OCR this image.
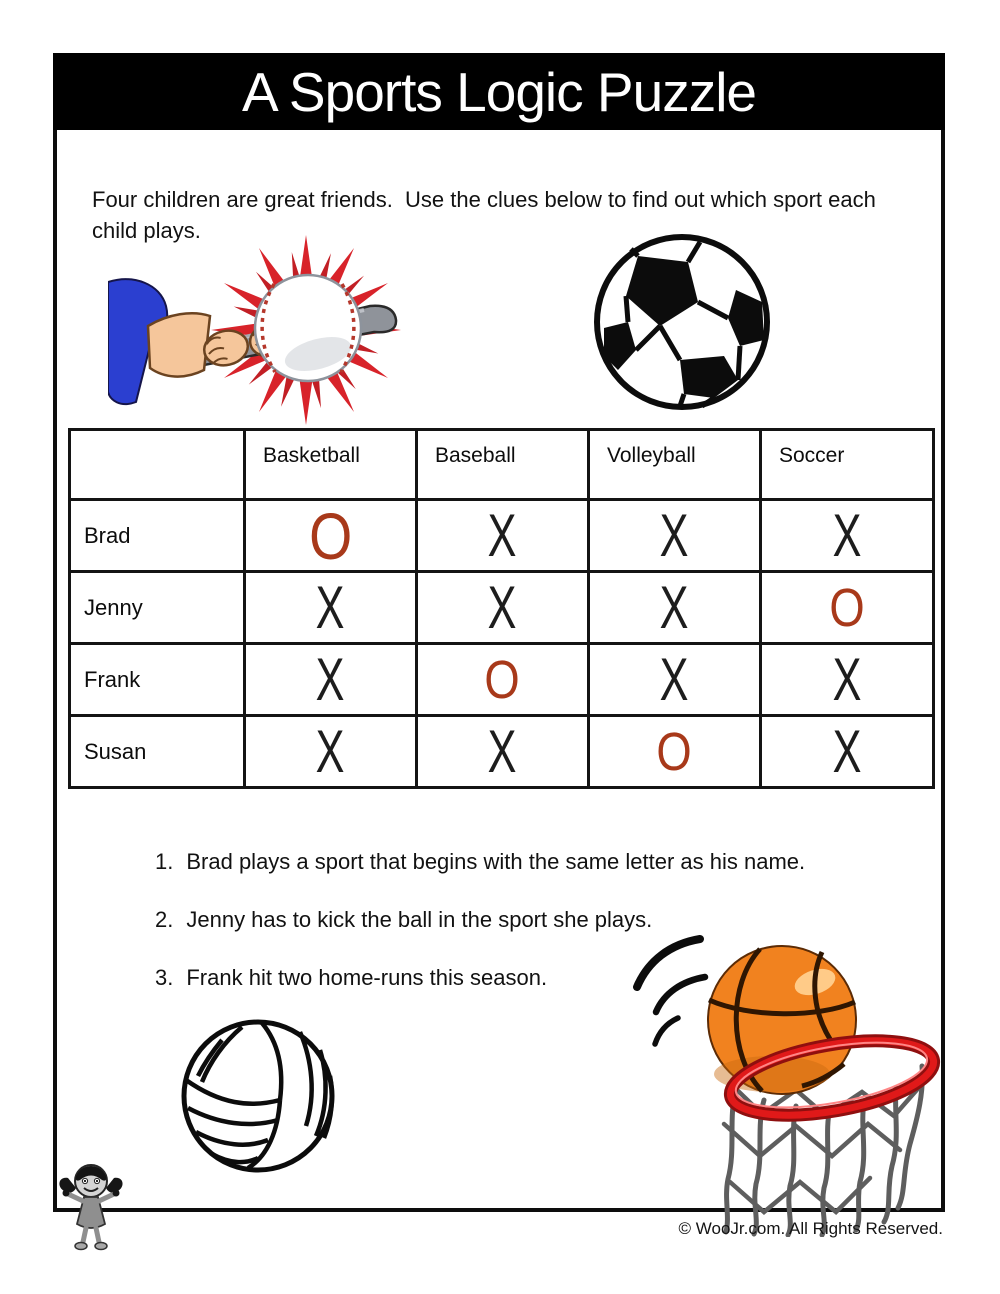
A Sports Logic Puzzle
Four children are great friends.  Use the clues below to find out which sport each child plays.
	Basketball	Baseball	Volleyball	Soccer
Brad	O	X	X	X
Jenny	X	X	X	O
Frank	X	O	X	X
Susan	X	X	O	X
1. Brad plays a sport that begins with the same letter as his name.
2. Jenny has to kick the ball in the sport she plays.
3. Frank hit two home-runs this season.
© WooJr.com. All Rights Reserved.
